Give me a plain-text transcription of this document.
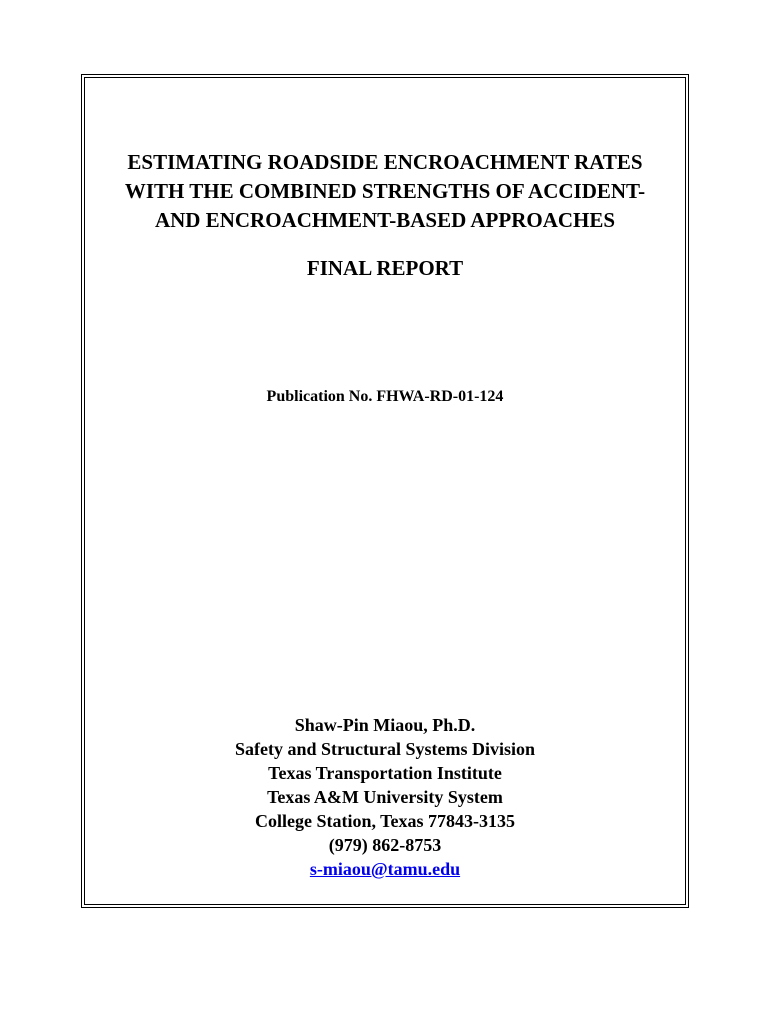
ESTIMATING ROADSIDE ENCROACHMENT RATES
WITH THE COMBINED STRENGTHS OF ACCIDENT-
AND ENCROACHMENT-BASED APPROACHES
FINAL REPORT
Publication No. FHWA-RD-01-124
Shaw-Pin Miaou, Ph.D.
Safety and Structural Systems Division
Texas Transportation Institute
Texas A&M University System
College Station, Texas 77843-3135
(979) 862-8753
s-miaou@tamu.edu
